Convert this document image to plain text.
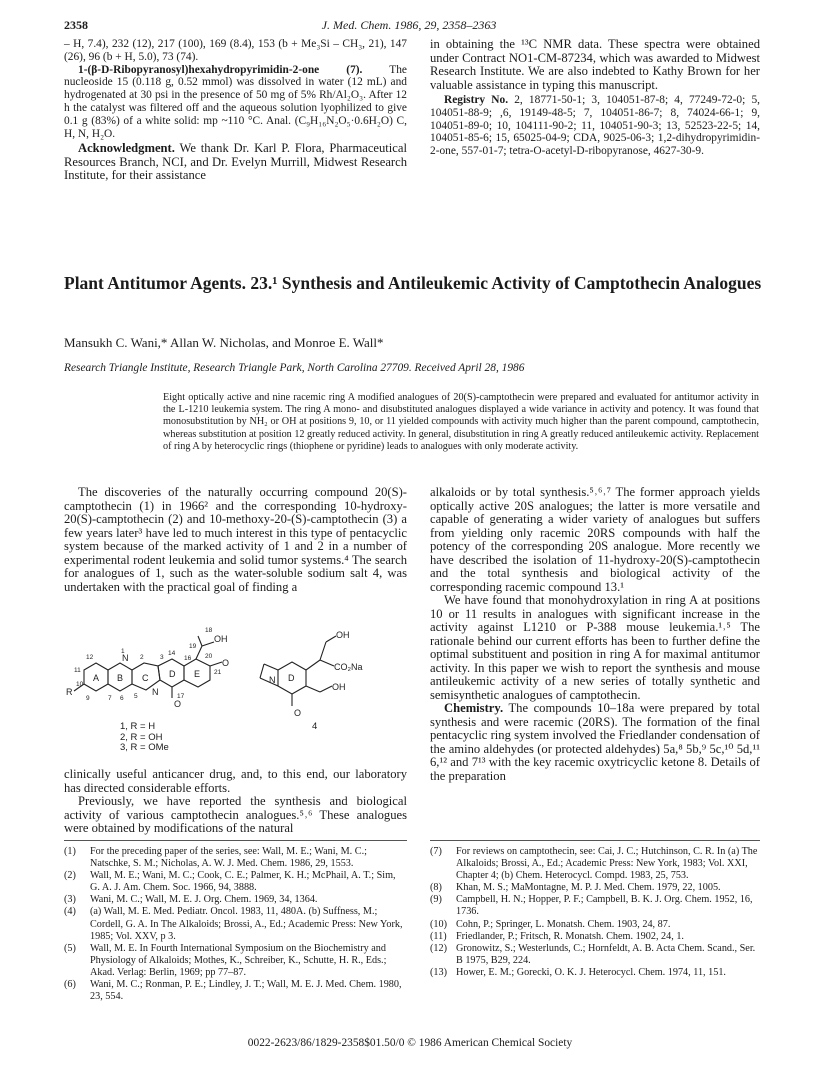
2358	J. Med. Chem. 1986, 29, 2358–2363

– H, 7.4), 232 (12), 217 (100), 169 (8.4), 153 (b + Me₃Si – CH₃, 21), 147 (26), 96 (b + H, 5.0), 73 (74).

1-(β-D-Ribopyranosyl)hexahydropyrimidin-2-one (7). The nucleoside 15 (0.118 g, 0.52 mmol) was dissolved in water (12 mL) and hydrogenated at 30 psi in the presence of 50 mg of 5% Rh/Al₂O₃. After 12 h the catalyst was filtered off and the aqueous solution lyophilized to give 0.1 g (83%) of a white solid: mp ~110 °C. Anal. (C₉H₁₆N₂O₅·0.6H₂O) C, H, N, H₂O.

Acknowledgment. We thank Dr. Karl P. Flora, Pharmaceutical Resources Branch, NCI, and Dr. Evelyn Murrill, Midwest Research Institute, for their assistance

in obtaining the ¹³C NMR data. These spectra were obtained under Contract NO1-CM-87234, which was awarded to Midwest Research Institute. We are also indebted to Kathy Brown for her valuable assistance in typing this manuscript.

Registry No. 2, 18771-50-1; 3, 104051-87-8; 4, 77249-72-0; 5, 104051-88-9; ,6, 19149-48-5; 7, 104051-86-7; 8, 74024-66-1; 9, 104051-89-0; 10, 104111-90-2; 11, 104051-90-3; 13, 52523-22-5; 14, 104051-85-6; 15, 65025-04-9; CDA, 9025-06-3; 1,2-dihydropyrimidin-2-one, 557-01-7; tetra-O-acetyl-D-ribopyranose, 4627-30-9.

Plant Antitumor Agents. 23.¹ Synthesis and Antileukemic Activity of Camptothecin Analogues
Mansukh C. Wani,* Allan W. Nicholas, and Monroe E. Wall*
Research Triangle Institute, Research Triangle Park, North Carolina 27709. Received April 28, 1986
Eight optically active and nine racemic ring A modified analogues of 20(S)-camptothecin were prepared and evaluated for antitumor activity in the L-1210 leukemia system. The ring A mono- and disubstituted analogues displayed a wide variance in activity and potency. It was found that monosubstitution by NH₂ or OH at positions 9, 10, or 11 yielded compounds with activity much higher than the parent compound, camptothecin, whereas substitution at position 12 greatly reduced activity. In general, disubstitution in ring A greatly reduced antileukemic activity. Replacement of ring A by heterocyclic rings (thiophene or pyridine) leads to analogues with only moderate activity.

The discoveries of the naturally occurring compound 20(S)-camptothecin (1) in 1966² and the corresponding 10-hydroxy-20(S)-camptothecin (2) and 10-methoxy-20-(S)-camptothecin (3) a few years later³ have led to much interest in this type of pentacyclic system because of the marked activity of 1 and 2 in a number of experimental rodent leukemia and solid tumor systems.⁴ The search for analogues of 1, such as the water-soluble sodium salt 4, was undertaken with the practical goal of finding a

A B C D E
N
N
OH
O
O
R
OH
CO₂Na
OH
N
O
D
1
2	3
5
6
7
9
10
11
12
14
16
17
18
19
20
21
1, R = H
2, R = OH
3, R = OMe
4

clinically useful anticancer drug, and, to this end, our laboratory has directed considerable efforts.

Previously, we have reported the synthesis and biological activity of various camptothecin analogues.⁵˒⁶ These analogues were obtained by modifications of the natural

alkaloids or by total synthesis.⁵˒⁶˒⁷ The former approach yields optically active 20S analogues; the latter is more versatile and capable of generating a wider variety of analogues but suffers from yielding only racemic 20RS compounds with half the potency of the corresponding 20S analogue. More recently we have described the isolation of 11-hydroxy-20(S)-camptothecin and the total synthesis and biological activity of the corresponding racemic compound 13.¹

We have found that monohydroxylation in ring A at positions 10 or 11 results in analogues with significant increase in the activity against L1210 or P-388 mouse leukemia.¹˒⁵ The rationale behind our current efforts has been to further define the optimal substituent and position in ring A for maximal antitumor activity. In this paper we wish to report the synthesis and mouse antileukemic activity of a new series of totally synthetic and semisynthetic analogues of camptothecin.

Chemistry. The compounds 10–18a were prepared by total synthesis and were racemic (20RS). The formation of the final pentacyclic ring system involved the Friedlander condensation of the amino aldehydes (or protected aldehydes) 5a,⁸ 5b,⁹ 5c,¹⁰ 5d,¹¹ 6,¹² and 7¹³ with the key racemic oxytricyclic ketone 8. Details of the preparation

(1) For the preceding paper of the series, see: Wall, M. E.; Wani, M. C.; Natschke, S. M.; Nicholas, A. W. J. Med. Chem. 1986, 29, 1553.
(2) Wall, M. E.; Wani, M. C.; Cook, C. E.; Palmer, K. H.; McPhail, A. T.; Sim, G. A. J. Am. Chem. Soc. 1966, 94, 3888.
(3) Wani, M. C.; Wall, M. E. J. Org. Chem. 1969, 34, 1364.
(4) (a) Wall, M. E. Med. Pediatr. Oncol. 1983, 11, 480A. (b) Suffness, M.; Cordell, G. A. In The Alkaloids; Brossi, A., Ed.; Academic Press: New York, 1985; Vol. XXV, p 3.
(5) Wall, M. E. In Fourth International Symposium on the Biochemistry and Physiology of Alkaloids; Mothes, K., Schreiber, K., Schutte, H. R., Eds.; Akad. Verlag: Berlin, 1969; pp 77–87.
(6) Wani, M. C.; Ronman, P. E.; Lindley, J. T.; Wall, M. E. J. Med. Chem. 1980, 23, 554.
(7) For reviews on camptothecin, see: Cai, J. C.; Hutchinson, C. R. In (a) The Alkaloids; Brossi, A., Ed.; Academic Press: New York, 1983; Vol. XXI, Chapter 4; (b) Chem. Heterocycl. Compd. 1983, 25, 753.
(8) Khan, M. S.; MaMontagne, M. P. J. Med. Chem. 1979, 22, 1005.
(9) Campbell, H. N.; Hopper, P. F.; Campbell, B. K. J. Org. Chem. 1952, 16, 1736.
(10) Cohn, P.; Springer, L. Monatsh. Chem. 1903, 24, 87.
(11) Friedlander, P.; Fritsch, R. Monatsh. Chem. 1902, 24, 1.
(12) Gronowitz, S.; Westerlunds, C.; Hornfeldt, A. B. Acta Chem. Scand., Ser. B 1975, B29, 224.
(13) Hower, E. M.; Gorecki, O. K. J. Heterocycl. Chem. 1974, 11, 151.
0022-2623/86/1829-2358$01.50/0 © 1986 American Chemical Society
